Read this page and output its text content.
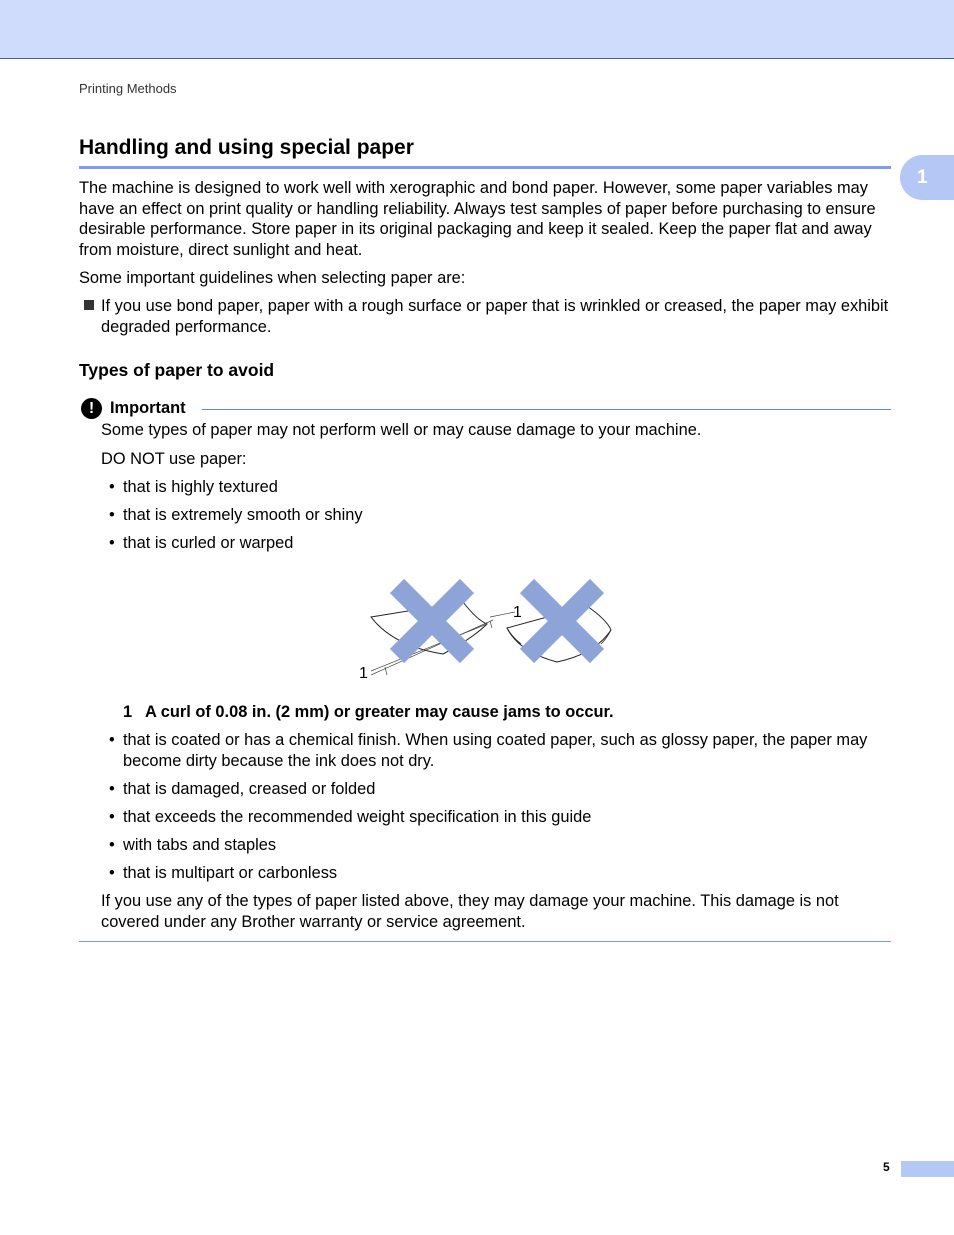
Printing Methods
1
Handling and using special paper

The machine is designed to work well with xerographic and bond paper. However, some paper variables may have an effect on print quality or handling reliability. Always test samples of paper before purchasing to ensure desirable performance. Store paper in its original packaging and keep it sealed. Keep the paper flat and away from moisture, direct sunlight and heat.

Some important guidelines when selecting paper are:

If you use bond paper, paper with a rough surface or paper that is wrinkled or creased, the paper may exhibit degraded performance.
Types of paper to avoid
! Important

Some types of paper may not perform well or may cause damage to your machine.

DO NOT use paper:

• that is highly textured
• that is extremely smooth or shiny
• that is curled or warped
1
1
1 A curl of 0.08 in. (2 mm) or greater may cause jams to occur.
• that is coated or has a chemical finish. When using coated paper, such as glossy paper, the paper may become dirty because the ink does not dry.
• that is damaged, creased or folded
• that exceeds the recommended weight specification in this guide
• with tabs and staples
• that is multipart or carbonless

If you use any of the types of paper listed above, they may damage your machine. This damage is not covered under any Brother warranty or service agreement.

5
